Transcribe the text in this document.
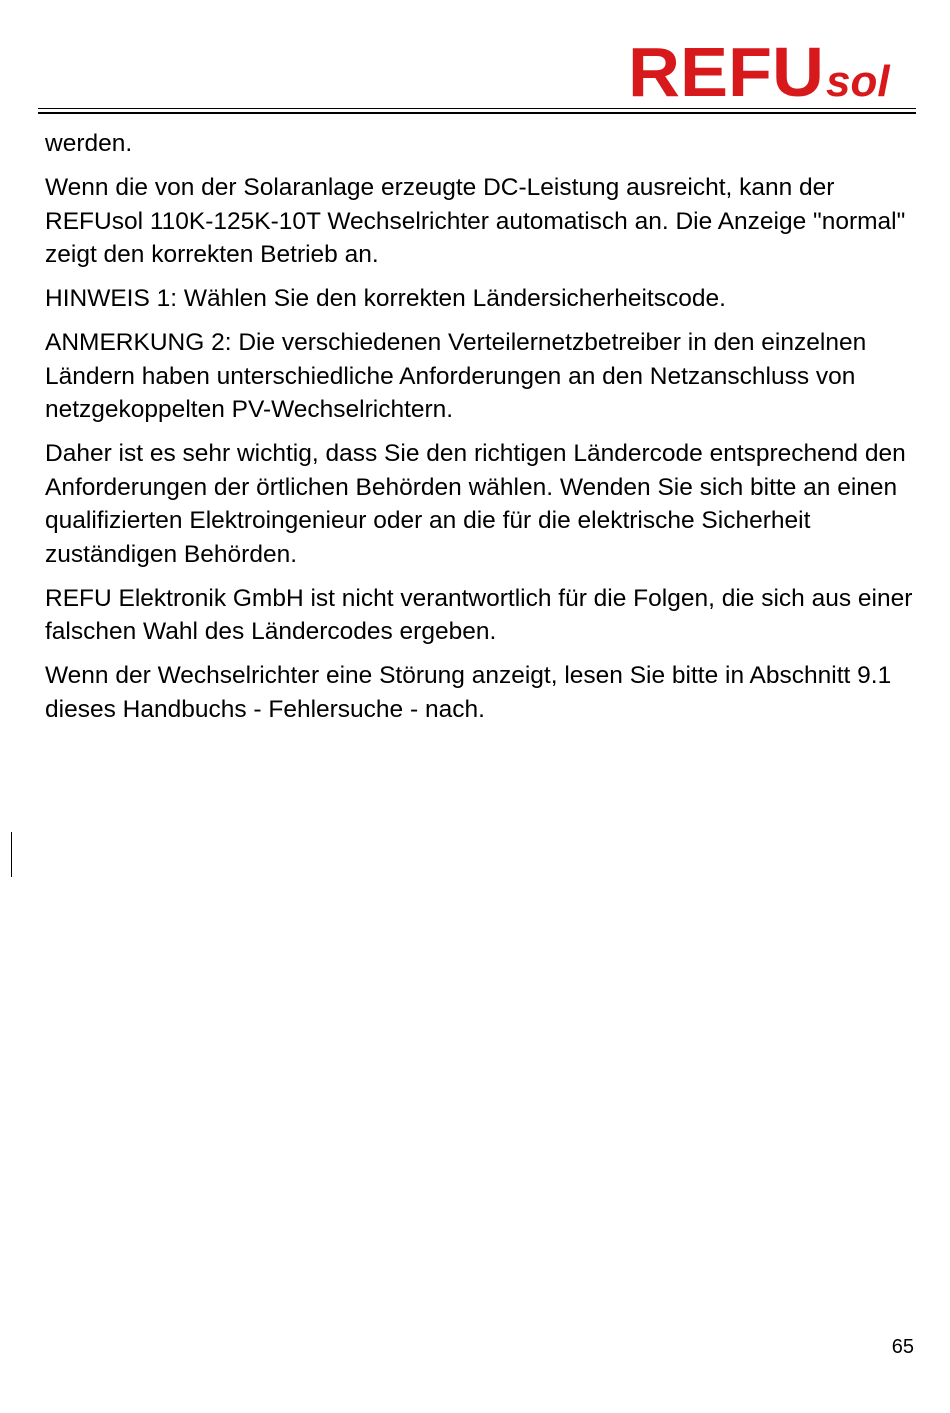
REFU sol

werden.

Wenn die von der Solaranlage erzeugte DC-Leistung ausreicht, kann der REFUsol 110K-125K-10T Wechselrichter automatisch an. Die Anzeige "normal" zeigt den korrekten Betrieb an.

HINWEIS 1: Wählen Sie den korrekten Ländersicherheitscode.

ANMERKUNG 2: Die verschiedenen Verteilernetzbetreiber in den einzelnen Ländern haben unterschiedliche Anforderungen an den Netzanschluss von netzgekoppelten PV-Wechselrichtern.

Daher ist es sehr wichtig, dass Sie den richtigen Ländercode entsprechend den Anforderungen der örtlichen Behörden wählen. Wenden Sie sich bitte an einen qualifizierten Elektroingenieur oder an die für die elektrische Sicherheit zuständigen Behörden.

REFU Elektronik GmbH ist nicht verantwortlich für die Folgen, die sich aus einer falschen Wahl des Ländercodes ergeben.

Wenn der Wechselrichter eine Störung anzeigt, lesen Sie bitte in Abschnitt 9.1 dieses Handbuchs - Fehlersuche - nach.

65
